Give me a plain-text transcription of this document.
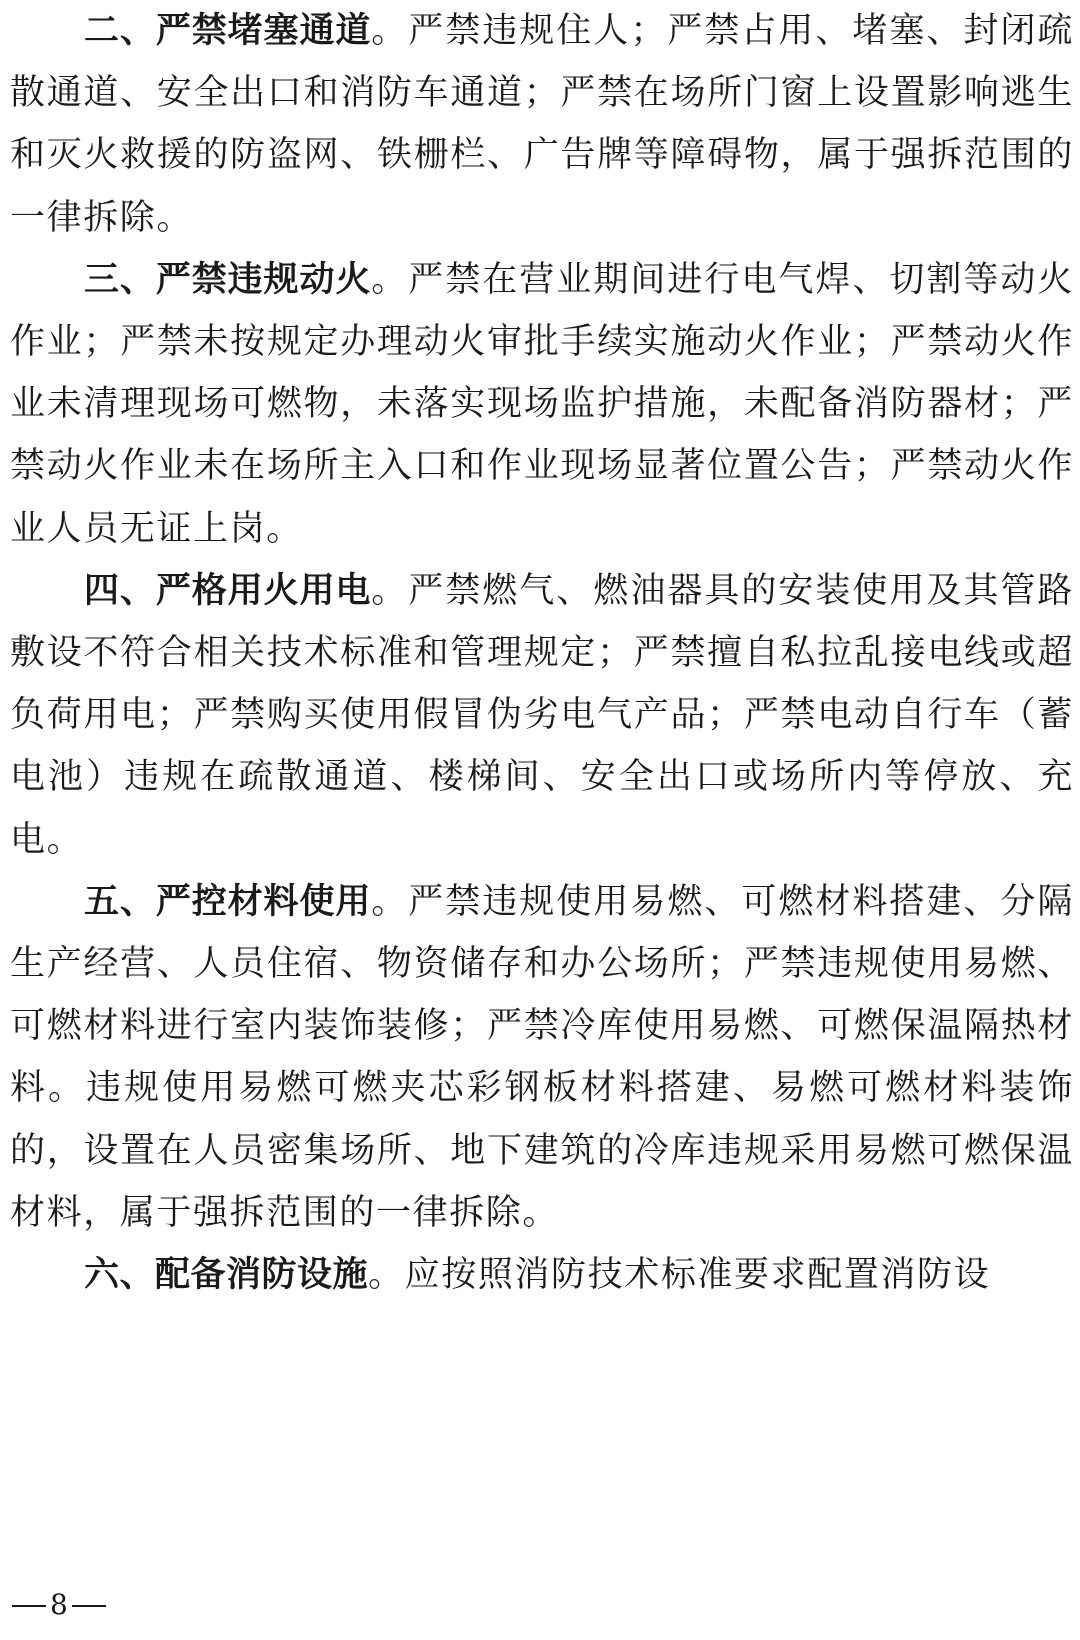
二、严禁堵塞通道。严禁违规住人；严禁占用、堵塞、封闭疏散通道、安全出口和消防车通道；严禁在场所门窗上设置影响逃生和灭火救援的防盗网、铁栅栏、广告牌等障碍物，属于强拆范围的一律拆除。

三、严禁违规动火。严禁在营业期间进行电气焊、切割等动火作业；严禁未按规定办理动火审批手续实施动火作业；严禁动火作业未清理现场可燃物，未落实现场监护措施，未配备消防器材；严禁动火作业未在场所主入口和作业现场显著位置公告；严禁动火作业人员无证上岗。

四、严格用火用电。严禁燃气、燃油器具的安装使用及其管路敷设不符合相关技术标准和管理规定；严禁擅自私拉乱接电线或超负荷用电；严禁购买使用假冒伪劣电气产品；严禁电动自行车（蓄电池）违规在疏散通道、楼梯间、安全出口或场所内等停放、充电。

五、严控材料使用。严禁违规使用易燃、可燃材料搭建、分隔生产经营、人员住宿、物资储存和办公场所；严禁违规使用易燃、可燃材料进行室内装饰装修；严禁冷库使用易燃、可燃保温隔热材料。违规使用易燃可燃夹芯彩钢板材料搭建、易燃可燃材料装饰的，设置在人员密集场所、地下建筑的冷库违规采用易燃可燃保温材料，属于强拆范围的一律拆除。

六、配备消防设施。应按照消防技术标准要求配置消防设

8
